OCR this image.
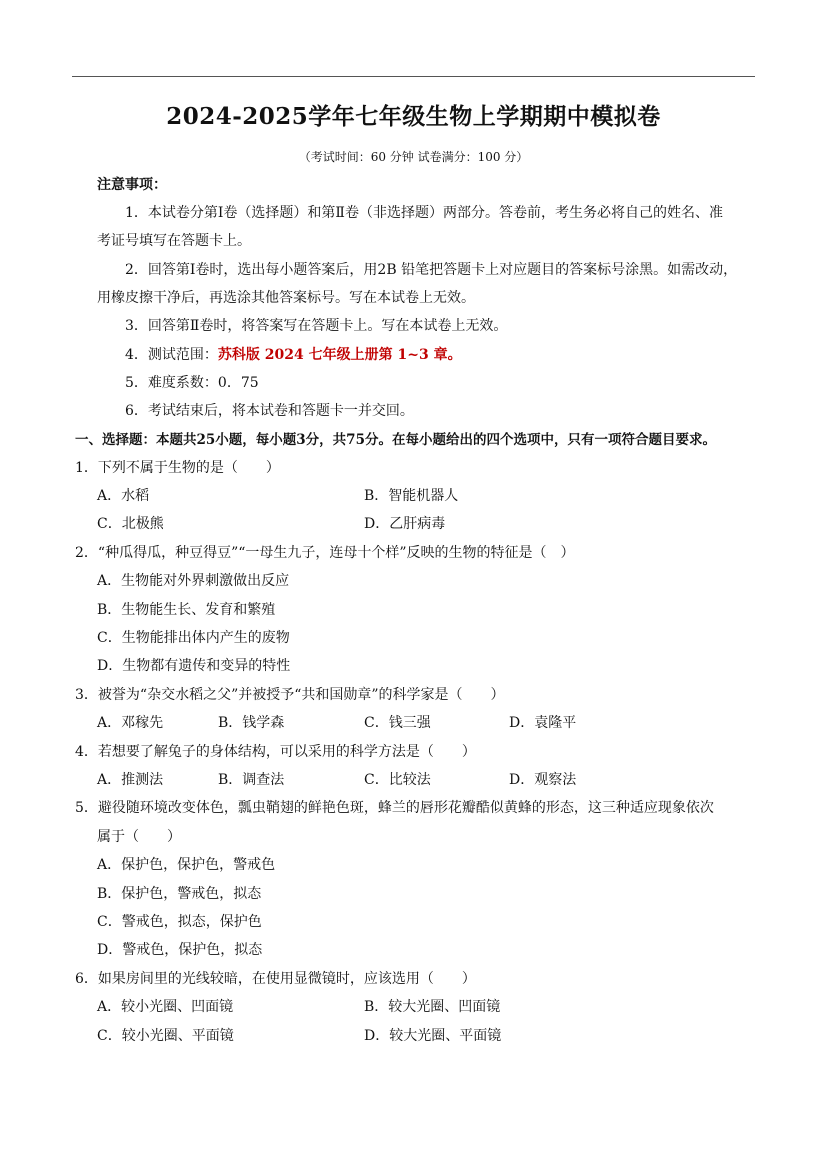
2024-2025学年七年级生物上学期期中模拟卷
（考试时间：60 分钟 试卷满分：100 分）
注意事项：
1．本试卷分第Ⅰ卷（选择题）和第Ⅱ卷（非选择题）两部分。答卷前，考生务必将自己的姓名、准
考证号填写在答题卡上。
2．回答第Ⅰ卷时，选出每小题答案后，用2B 铅笔把答题卡上对应题目的答案标号涂黑。如需改动，
用橡皮擦干净后，再选涂其他答案标号。写在本试卷上无效。
3．回答第Ⅱ卷时，将答案写在答题卡上。写在本试卷上无效。
4．测试范围：苏科版 2024 七年级上册第 1~3 章。
5．难度系数：0．75
6．考试结束后，将本试卷和答题卡一并交回。
一、选择题：本题共25小题，每小题3分，共75分。在每小题给出的四个选项中，只有一项符合题目要求。
1．下列不属于生物的是（　　）
A．水稻	B．智能机器人
C．北极熊	D．乙肝病毒
2．“种瓜得瓜，种豆得豆”“一母生九子，连母十个样”反映的生物的特征是（　）
A．生物能对外界刺激做出反应
B．生物能生长、发育和繁殖
C．生物能排出体内产生的废物
D．生物都有遗传和变异的特性
3．被誉为“杂交水稻之父”并被授予“共和国勋章”的科学家是（　　）
A．邓稼先	B．钱学森	C．钱三强	D．袁隆平
4．若想要了解兔子的身体结构，可以采用的科学方法是（　　）
A．推测法	B．调查法	C．比较法	D．观察法
5．避役随环境改变体色，瓢虫鞘翅的鲜艳色斑，蜂兰的唇形花瓣酷似黄蜂的形态，这三种适应现象依次
属于（　　）
A．保护色，保护色，警戒色
B．保护色，警戒色，拟态
C．警戒色，拟态，保护色
D．警戒色，保护色，拟态
6．如果房间里的光线较暗，在使用显微镜时，应该选用（　　）
A．较小光圈、凹面镜	B．较大光圈、凹面镜
C．较小光圈、平面镜	D．较大光圈、平面镜
